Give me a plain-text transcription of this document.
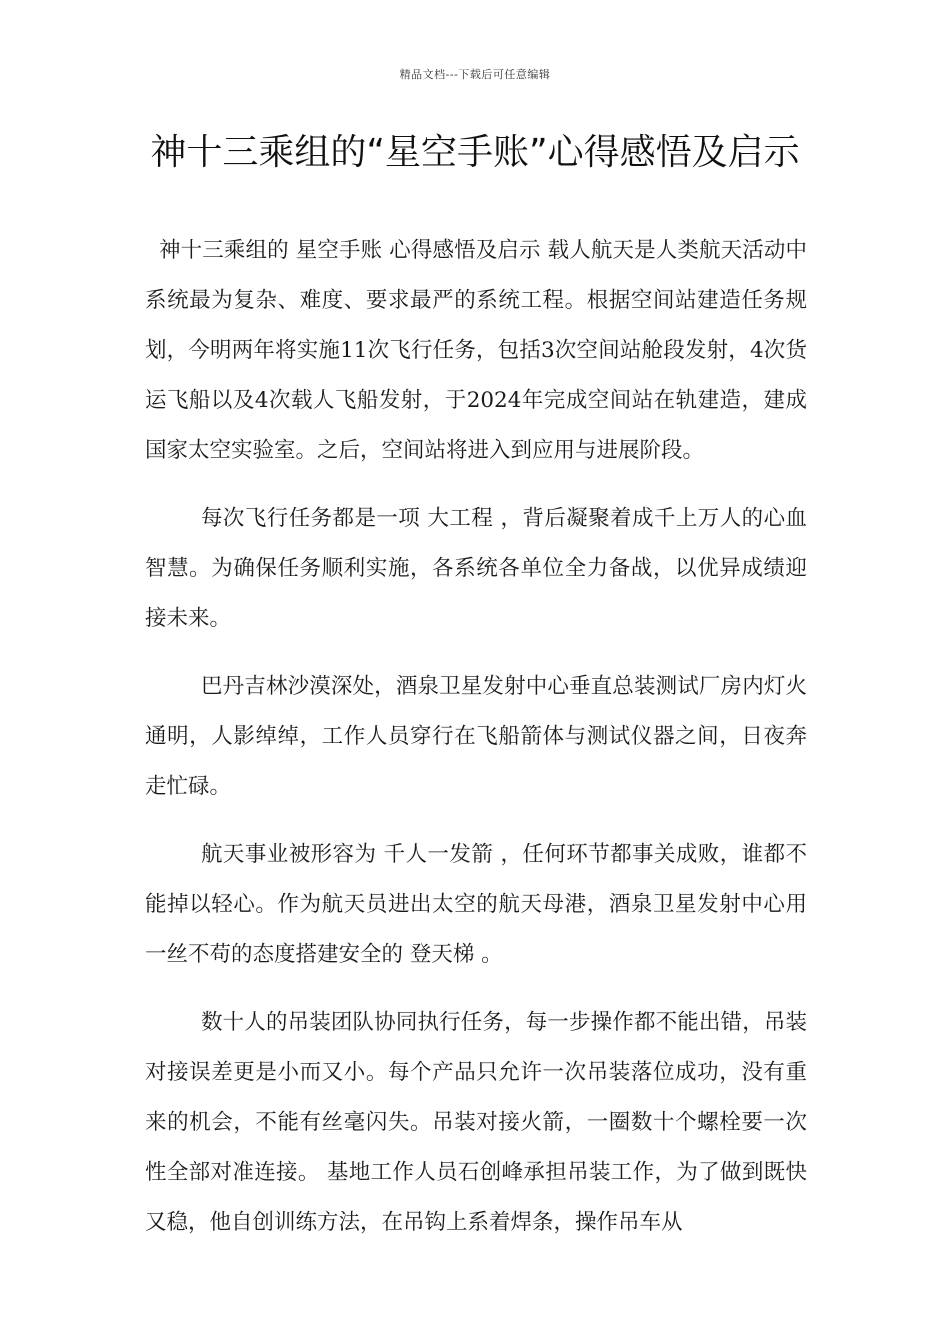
精品文档---下载后可任意编辑
神十三乘组的“星空手账”心得感悟及启示

神十三乘组的 星空手账 心得感悟及启示 载人航天是人类航天活动中系统最为复杂、难度、要求最严的系统工程。根据空间站建造任务规划，今明两年将实施11次飞行任务，包括3次空间站舱段发射，4次货运飞船以及4次载人飞船发射，于2024年完成空间站在轨建造，建成国家太空实验室。之后，空间站将进入到应用与进展阶段。

每次飞行任务都是一项 大工程 ，背后凝聚着成千上万人的心血智慧。为确保任务顺利实施，各系统各单位全力备战，以优异成绩迎接未来。

巴丹吉林沙漠深处，酒泉卫星发射中心垂直总装测试厂房内灯火通明，人影绰绰，工作人员穿行在飞船箭体与测试仪器之间，日夜奔走忙碌。

航天事业被形容为 千人一发箭 ，任何环节都事关成败，谁都不能掉以轻心。作为航天员进出太空的航天母港，酒泉卫星发射中心用一丝不苟的态度搭建安全的 登天梯 。

数十人的吊装团队协同执行任务，每一步操作都不能出错，吊装对接误差更是小而又小。每个产品只允许一次吊装落位成功，没有重来的机会，不能有丝毫闪失。吊装对接火箭，一圈数十个螺栓要一次性全部对准连接。 基地工作人员石创峰承担吊装工作，为了做到既快又稳，他自创训练方法，在吊钩上系着焊条，操作吊车从
